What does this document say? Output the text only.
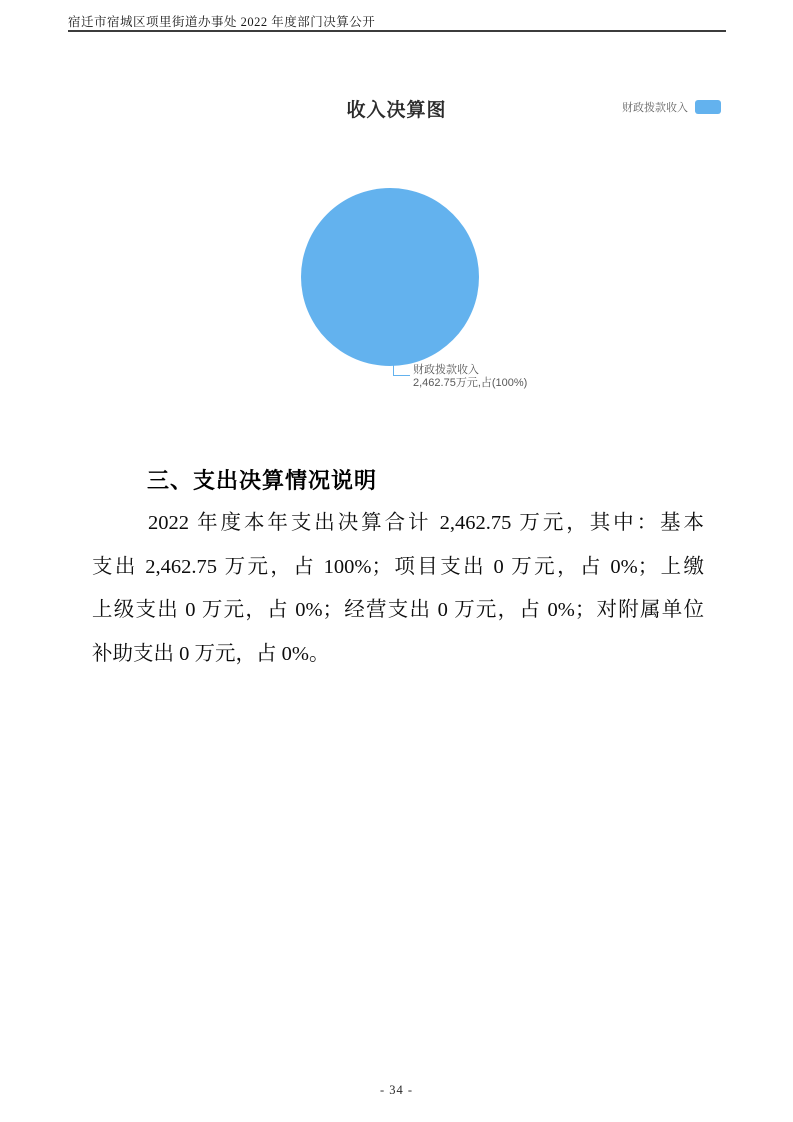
宿迁市宿城区项里街道办事处 2022 年度部门决算公开
收入决算图	财政拨款收入
财政拨款收入
2,462.75万元,占(100%)
三、支出决算情况说明
2022 年度本年支出决算合计 2,462.75 万元，其中：基本
支出 2,462.75 万元，占 100%；项目支出 0 万元，占 0%；上缴
上级支出 0 万元，占 0%；经营支出 0 万元，占 0%；对附属单位
补助支出 0 万元，占 0%。
- 34 -
